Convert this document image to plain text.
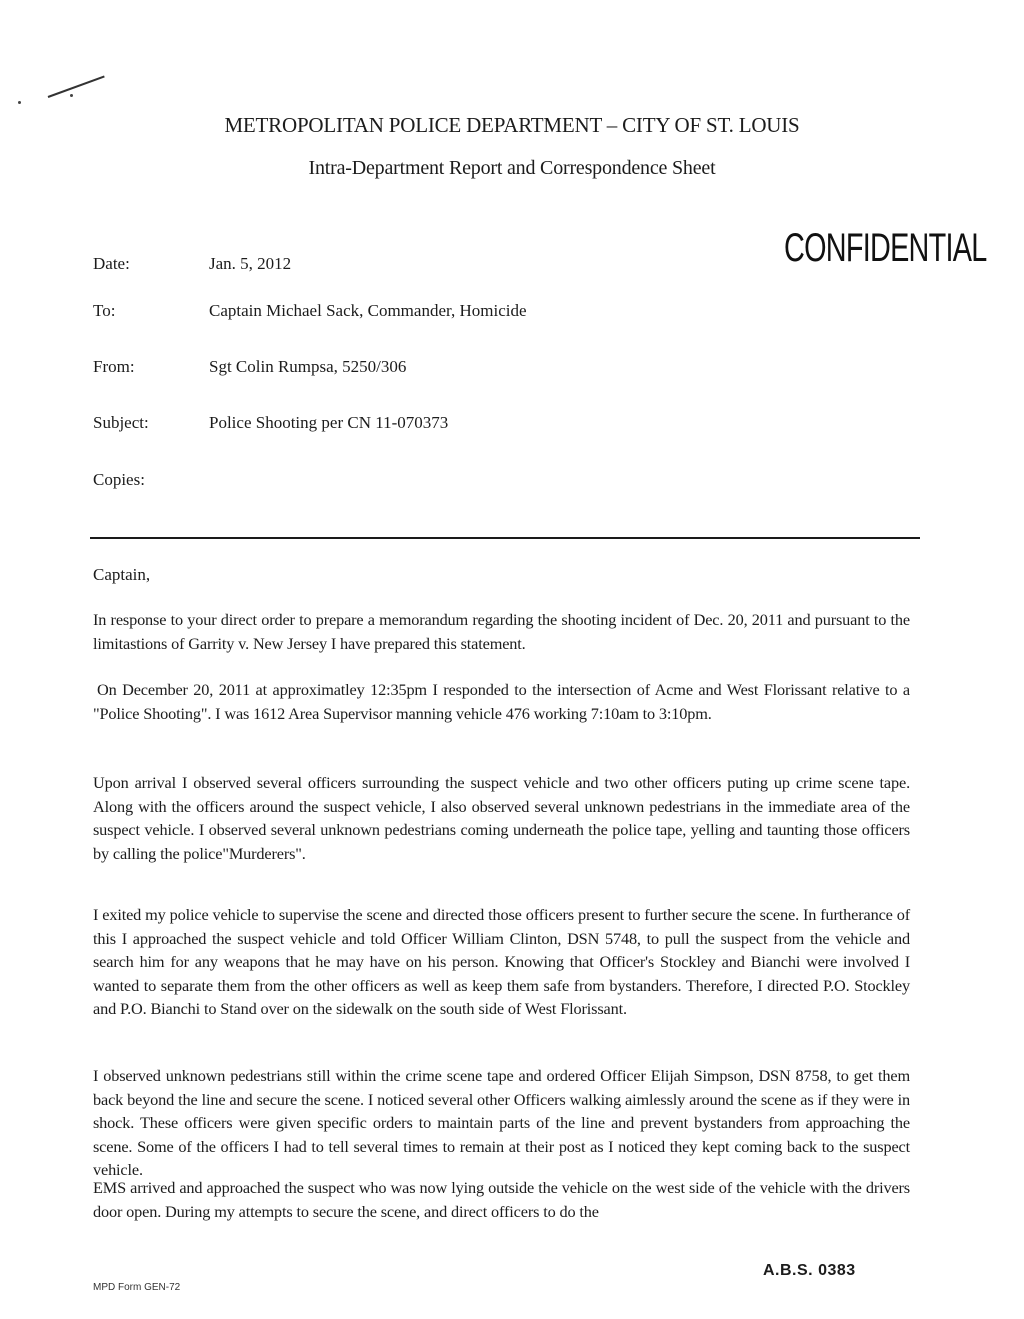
METROPOLITAN POLICE DEPARTMENT – CITY OF ST. LOUIS
Intra-Department Report and Correspondence Sheet
CONFIDENTIAL
Date:	Jan. 5, 2012
To:	Captain Michael Sack, Commander, Homicide
From:	Sgt Colin Rumpsa, 5250/306
Subject:	Police Shooting per CN 11-070373
Copies:
Captain,
In response to your direct order to prepare a memorandum regarding the shooting incident of Dec. 20, 2011 and pursuant to the limitastions of Garrity v. New Jersey I have prepared this statement.
On December 20, 2011 at approximatley 12:35pm I responded to the intersection of Acme and West Florissant relative to a "Police Shooting". I was 1612 Area Supervisor manning vehicle 476 working 7:10am to 3:10pm.
Upon arrival I observed several officers surrounding the suspect vehicle and two other officers puting up crime scene tape. Along with the officers around the suspect vehicle, I also observed several unknown pedestrians in the immediate area of the suspect vehicle. I observed several unknown pedestrians coming underneath the police tape, yelling and taunting those officers by calling the police"Murderers".
I exited my police vehicle to supervise the scene and directed those officers present to further secure the scene. In furtherance of this I approached the suspect vehicle and told Officer William Clinton, DSN 5748, to pull the suspect from the vehicle and search him for any weapons that he may have on his person. Knowing that Officer's Stockley and Bianchi were involved I wanted to separate them from the other officers as well as keep them safe from bystanders. Therefore, I directed P.O. Stockley and P.O. Bianchi to Stand over on the sidewalk on the south side of West Florissant.
I observed unknown pedestrians still within the crime scene tape and ordered Officer Elijah Simpson, DSN 8758, to get them back beyond the line and secure the scene. I noticed several other Officers walking aimlessly around the scene as if they were in shock. These officers were given specific orders to maintain parts of the line and prevent bystanders from approaching the scene. Some of the officers I had to tell several times to remain at their post as I noticed they kept coming back to the suspect vehicle.
EMS arrived and approached the suspect who was now lying outside the vehicle on the west side of the vehicle with the drivers door open. During my attempts to secure the scene, and direct officers to do the
MPD Form GEN-72
A.B.S. 0383
